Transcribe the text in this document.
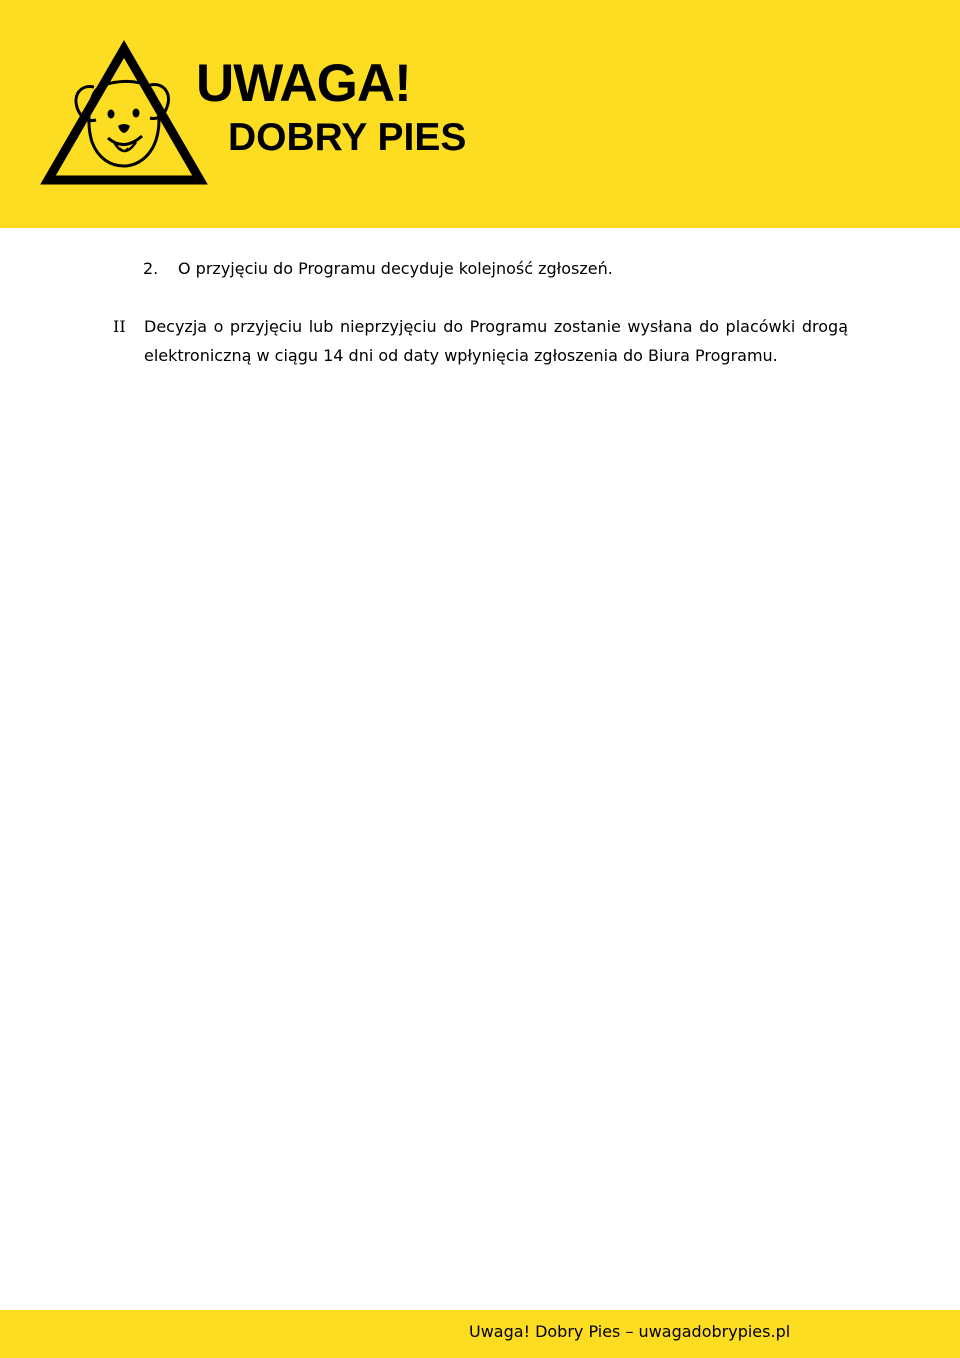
UWAGA!
DOBRY PIES
2. O przyjęciu do Programu decyduje kolejność zgłoszeń.
II Decyzja o przyjęciu lub nieprzyjęciu do Programu zostanie wysłana do placówki drogą elektroniczną w ciągu 14 dni od daty wpłynięcia zgłoszenia do Biura Programu.
Uwaga! Dobry Pies – uwagadobrypies.pl
